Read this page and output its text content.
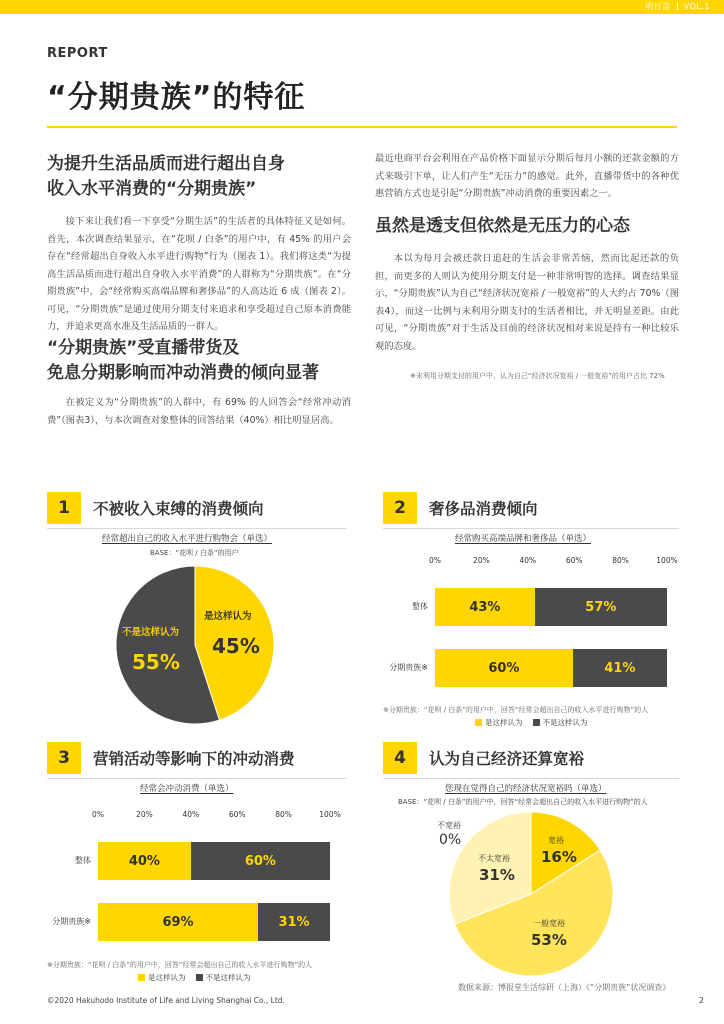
明日話 VOL.1
REPORT
“分期贵族”的特征
为提升生活品质而进行超出自身
收入水平消费的“分期贵族”

接下来让我们看一下享受“分期生活”的生活者的具体特征又是如何。首先，本次调查结果显示，在“花呗 / 白条”的用户中，有 45% 的用户会存在“经常超出自身收入水平进行购物”行为（图表 1）。我们将这类“为提高生活品质而进行超出自身收入水平消费”的人群称为“分期贵族”。在“分期贵族”中，会“经常购买高端品牌和奢侈品”的人高达近 6 成（图表 2）。可见，“分期贵族”是通过使用分期支付来追求和享受超过自己原本消费能力，并追求更高水准及生活品质的一群人。

“分期贵族”受直播带货及
免息分期影响而冲动消费的倾向显著

在被定义为“分期贵族”的人群中，有 69% 的人回答会“经常冲动消费”（图表3），与本次调查对象整体的回答结果（40%）相比明显居高。

最近电商平台会利用在产品价格下面显示分期后每月小额的还款金额的方式来吸引下单，让人们产生“无压力”的感觉。此外，直播带货中的各种优惠营销方式也是引起“分期贵族”冲动消费的重要因素之一。

虽然是透支但依然是无压力的心态

本以为每月会被还款日追赶的生活会非常苦恼，然而比起还款的负担，而更多的人则认为使用分期支付是一种非常明智的选择。调查结果显示，“分期贵族”认为自己“经济状况宽裕 / 一般宽裕”的人大约占 70%（图表4），而这一比例与未利用分期支付的生活者相比，并无明显差距。由此可见，“分期贵族”对于生活及目前的经济状况相对来说是持有一种比较乐观的态度。

※未利用分期支付的用户中，认为自己“经济状况宽裕 / 一般宽裕”的用户占比 72%
1	不被收入束缚的消费倾向
经常超出自己的收入水平进行购物会（单选）
BASE：“花呗 / 白条”的用户
是这样认为
45%
不是这样认为
55%
2	奢侈品消费倾向
经常购买高端品牌和奢侈品（单选）
0%	20%	40%	60%	80%	100%
整体	43%	57%
分期贵族※	60%	41%
※分期贵族：“花呗 / 白条”的用户中，回答“经常会超出自己的收入水平进行购物”的人
是这样认为	不是这样认为
3	营销活动等影响下的冲动消费
经常会冲动消费（单选）
0%	20%	40%	60%	80%	100%
整体	40%	60%
分期贵族※	69%	31%
※分期贵族：“花呗 / 白条”的用户中，回答“经常会超出自己的收入水平进行购物”的人
是这样认为	不是这样认为
4	认为自己经济还算宽裕
您现在觉得自己的经济状况宽裕吗（单选）
BASE：“花呗 / 白条”的用户中，回答“经常会超出自己的收入水平进行购物”的人
不宽裕
0%	宽裕
16%
不太宽裕
31%
一般宽裕
53%
数据来源：博报堂生活综研（上海）《“分期贵族”状况调查》
©2020 Hakuhodo Institute of Life and Living Shanghai Co., Ltd.	2
